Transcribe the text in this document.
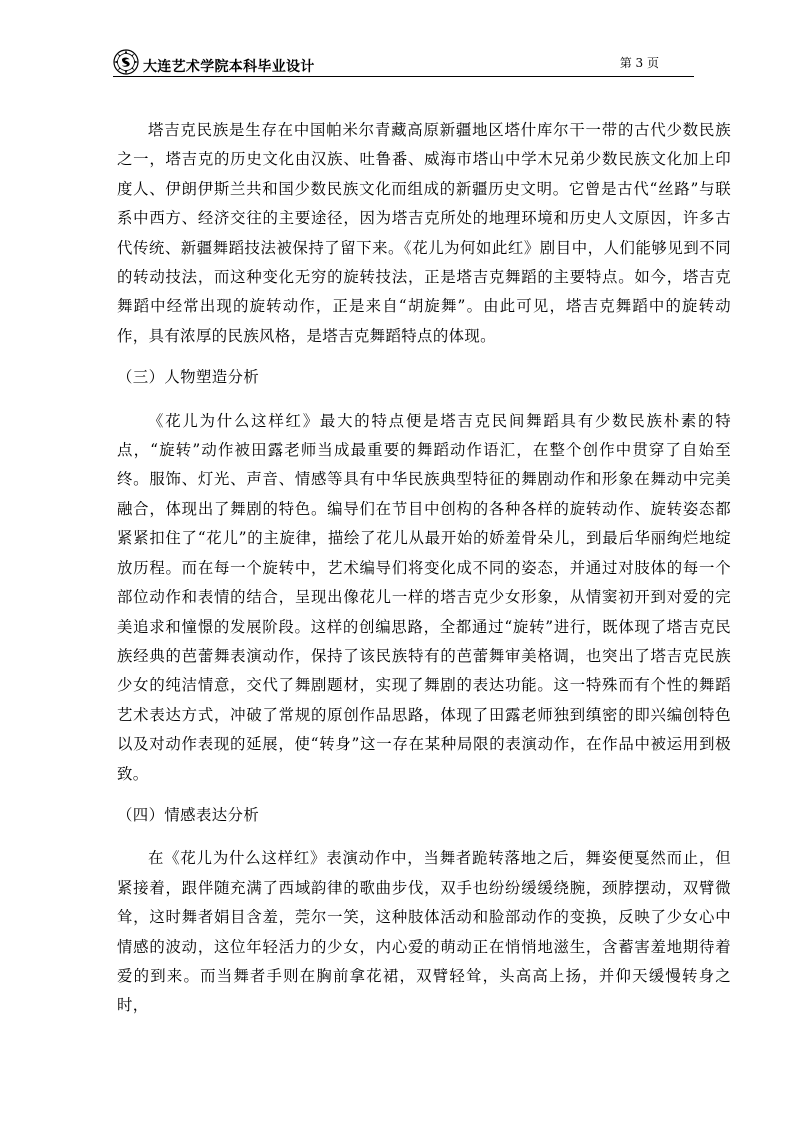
大连艺术学院本科毕业设计	第 3 页

塔吉克民族是生存在中国帕米尔青藏高原新疆地区塔什库尔干一带的古代少数民族之一，塔吉克的历史文化由汉族、吐鲁番、威海市塔山中学木兄弟少数民族文化加上印度人、伊朗伊斯兰共和国少数民族文化而组成的新疆历史文明。它曾是古代“丝路”与联系中西方、经济交往的主要途径，因为塔吉克所处的地理环境和历史人文原因，许多古代传统、新疆舞蹈技法被保持了留下来。《花儿为何如此红》剧目中，人们能够见到不同的转动技法，而这种变化无穷的旋转技法，正是塔吉克舞蹈的主要特点。如今，塔吉克舞蹈中经常出现的旋转动作，正是来自“胡旋舞”。由此可见，塔吉克舞蹈中的旋转动作，具有浓厚的民族风格，是塔吉克舞蹈特点的体现。

（三）人物塑造分析

《花儿为什么这样红》最大的特点便是塔吉克民间舞蹈具有少数民族朴素的特点，“旋转”动作被田露老师当成最重要的舞蹈动作语汇，在整个创作中贯穿了自始至终。服饰、灯光、声音、情感等具有中华民族典型特征的舞剧动作和形象在舞动中完美融合，体现出了舞剧的特色。编导们在节目中创构的各种各样的旋转动作、旋转姿态都紧紧扣住了“花儿”的主旋律，描绘了花儿从最开始的娇羞骨朵儿，到最后华丽绚烂地绽放历程。而在每一个旋转中，艺术编导们将变化成不同的姿态，并通过对肢体的每一个部位动作和表情的结合，呈现出像花儿一样的塔吉克少女形象，从情窦初开到对爱的完美追求和憧憬的发展阶段。这样的创编思路，全都通过“旋转”进行，既体现了塔吉克民族经典的芭蕾舞表演动作，保持了该民族特有的芭蕾舞审美格调，也突出了塔吉克民族少女的纯洁情意，交代了舞剧题材，实现了舞剧的表达功能。这一特殊而有个性的舞蹈艺术表达方式，冲破了常规的原创作品思路，体现了田露老师独到缜密的即兴编创特色以及对动作表现的延展，使“转身”这一存在某种局限的表演动作，在作品中被运用到极致。

（四）情感表达分析

在《花儿为什么这样红》表演动作中，当舞者跪转落地之后，舞姿便戛然而止，但紧接着，跟伴随充满了西域韵律的歌曲步伐，双手也纷纷缓缓绕腕，颈脖摆动，双臂微耸，这时舞者娟目含羞，莞尔一笑，这种肢体活动和脸部动作的变换，反映了少女心中情感的波动，这位年轻活力的少女，内心爱的萌动正在悄悄地滋生，含蓄害羞地期待着爱的到来。而当舞者手则在胸前拿花裙，双臂轻耸，头高高上扬，并仰天缓慢转身之时，
